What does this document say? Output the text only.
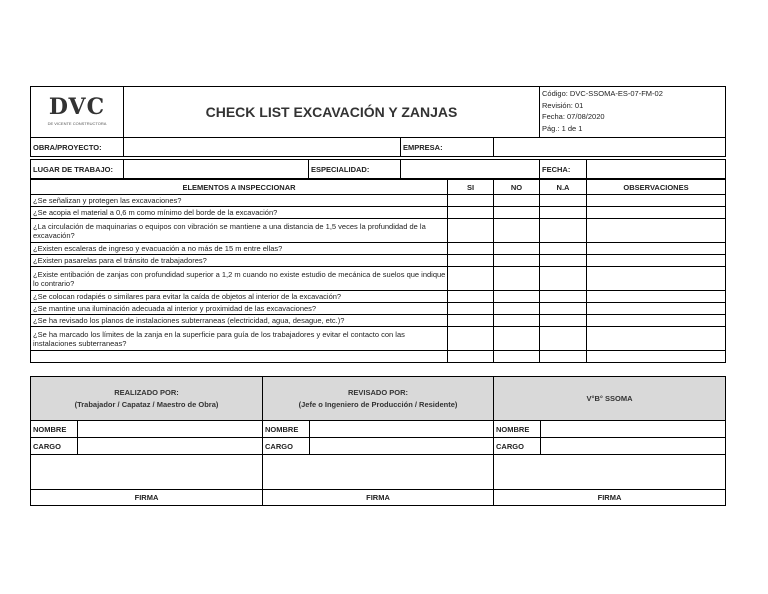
DVC
DE VICENTE CONSTRUCTORA
CHECK LIST EXCAVACIÓN Y ZANJAS
Código: DVC-SSOMA-ES-07-FM-02
Revisión: 01
Fecha: 07/08/2020
Pág.: 1 de 1
OBRA/PROYECTO:	EMPRESA:
LUGAR DE TRABAJO:	ESPECIALIDAD:	FECHA:
ELEMENTOS A INSPECCIONAR	SI	NO	N.A	OBSERVACIONES
¿Se señalizan y protegen las excavaciones?
¿Se acopia el material a 0,6 m como mínimo del borde de la excavación?
¿La circulación de maquinarias o equipos con vibración se mantiene a una distancia de 1,5 veces la profundidad de la excavación?
¿Existen escaleras de ingreso y evacuación a no más de 15 m entre ellas?
¿Existen pasarelas para el tránsito de trabajadores?
¿Existe entibación de zanjas con profundidad superior a 1,2 m cuando no existe estudio de mecánica de suelos que indique lo contrario?
¿Se colocan rodapiés o similares para evitar la caída de objetos al interior de la excavación?
¿Se mantine una iluminación adecuada al interior y proximidad de las excavaciones?
¿Se ha revisado los planos de instalaciones subterraneas (electricidad, agua, desague, etc.)?
¿Se ha marcado los límites de la zanja en la superficie para guía de los trabajadores y evitar el contacto con las instalaciones subterraneas?
REALIZADO POR:
(Trabajador / Capataz / Maestro de Obra)
REVISADO POR:
(Jefe o Ingeniero de Producción / Residente)
V°B° SSOMA
NOMBRE	NOMBRE	NOMBRE
CARGO	CARGO	CARGO
FIRMA	FIRMA	FIRMA
